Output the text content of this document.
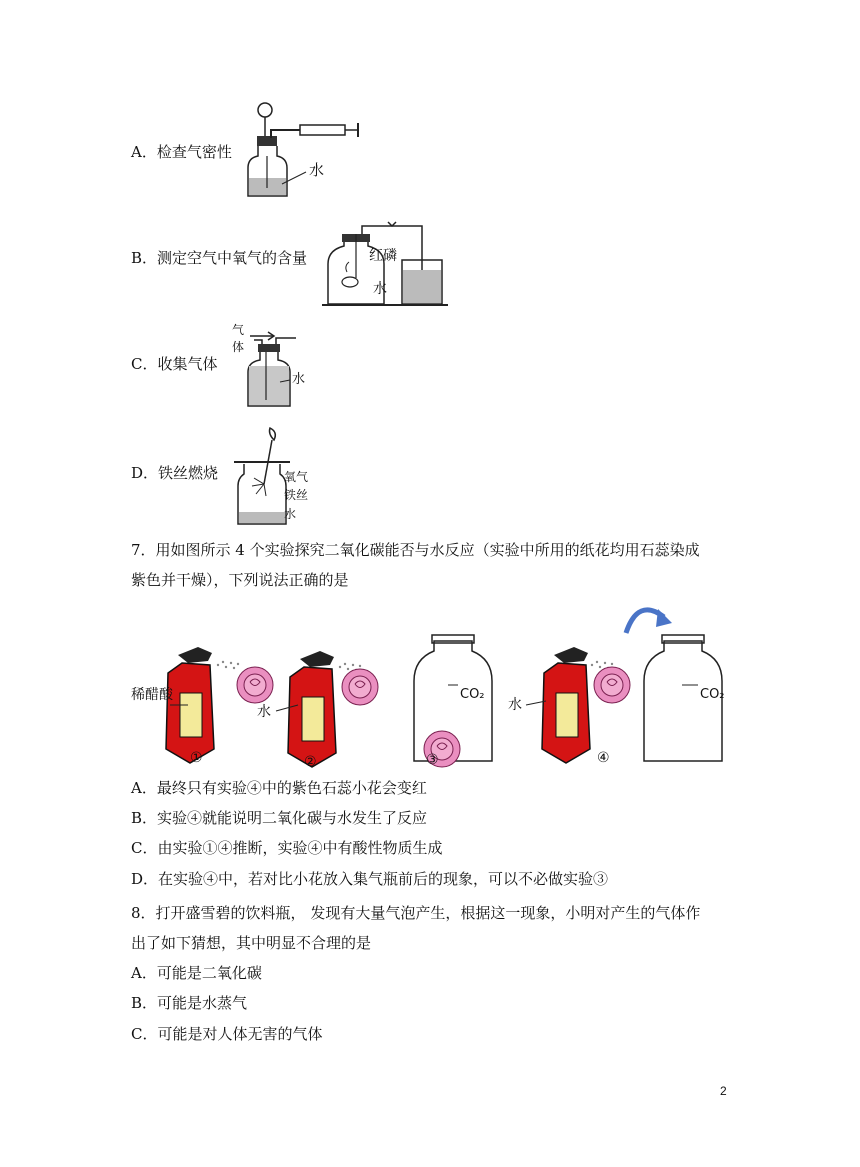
A．检查气密性
水
B．测定空气中氧气的含量	红磷
水
C．收集气体
气
体
水
D．铁丝燃烧	氧气
铁丝
水
7．用如图所示 4 个实验探究二氧化碳能否与水反应（实验中所用的纸花均用石蕊染成
紫色并干燥），下列说法正确的是
稀醋酸
水	水
CO₂	CO₂
①	②	③	④
A．最终只有实验④中的紫色石蕊小花会变红
B．实验④就能说明二氧化碳与水发生了反应
C．由实验①④推断，实验④中有酸性物质生成
D．在实验④中，若对比小花放入集气瓶前后的现象，可以不必做实验③
8．打开盛雪碧的饮料瓶， 发现有大量气泡产生，根据这一现象，小明对产生的气体作
出了如下猜想，其中明显不合理的是
A．可能是二氧化碳
B．可能是水蒸气
C．可能是对人体无害的气体
2
